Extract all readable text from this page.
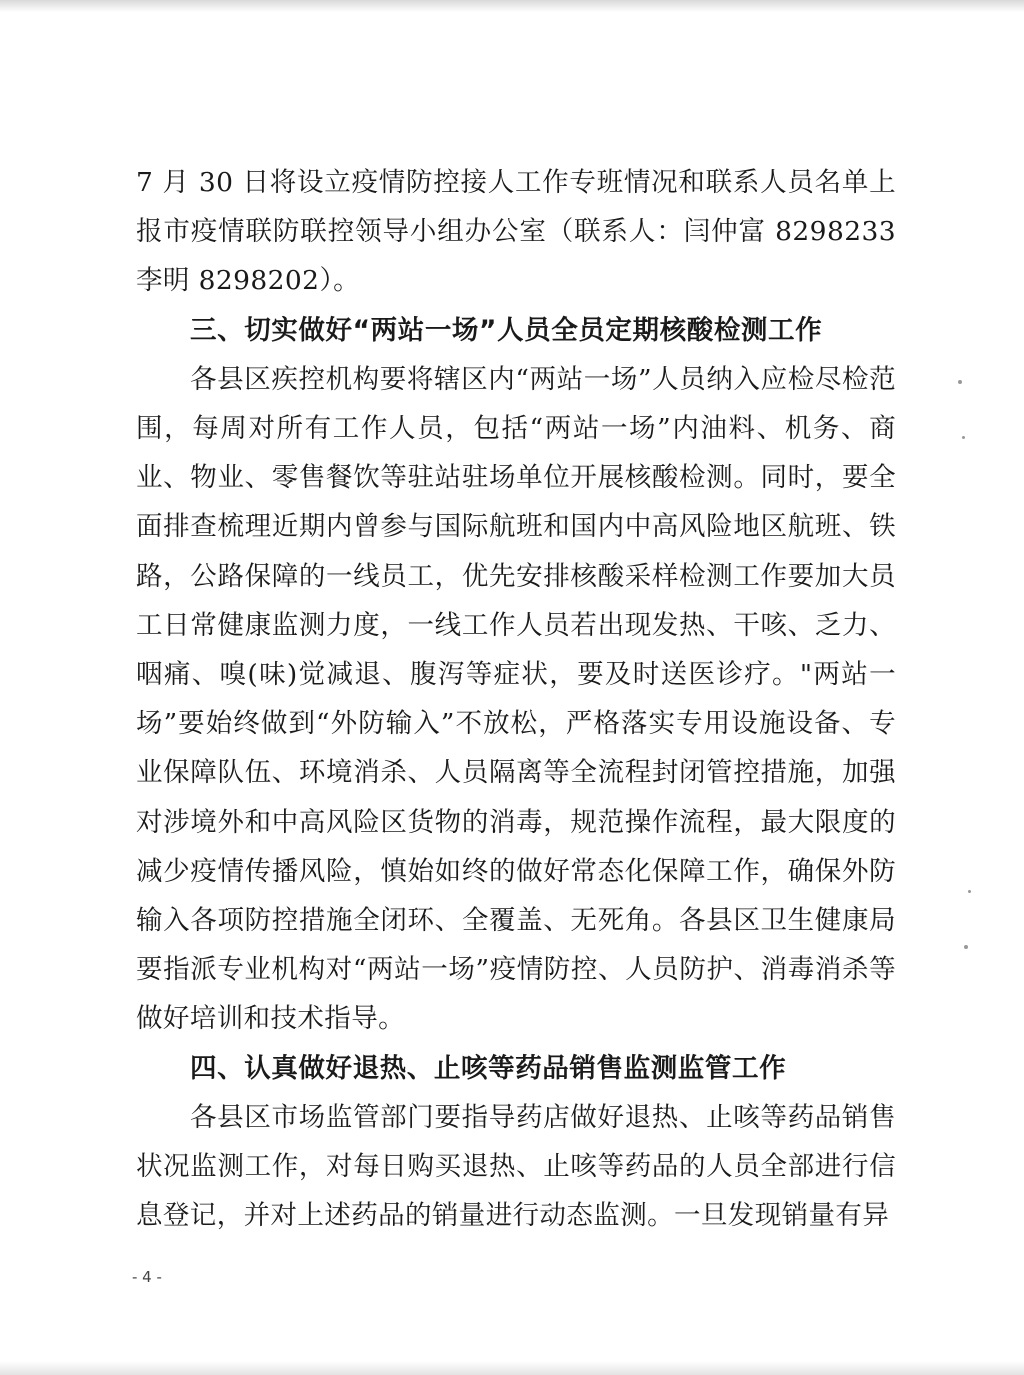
7 月 30 日将设立疫情防控接人工作专班情况和联系人员名单上报市疫情联防联控领导小组办公室（联系人：闫仲富 8298233 李明 8298202）。

三、切实做好“两站一场”人员全员定期核酸检测工作

各县区疾控机构要将辖区内“两站一场”人员纳入应检尽检范围，每周对所有工作人员，包括“两站一场”内油料、机务、商业、物业、零售餐饮等驻站驻场单位开展核酸检测。同时，要全面排查梳理近期内曾参与国际航班和国内中高风险地区航班、铁路，公路保障的一线员工，优先安排核酸采样检测工作要加大员工日常健康监测力度，一线工作人员若出现发热、干咳、乏力、咽痛、嗅(味)觉减退、腹泻等症状，要及时送医诊疗。"两站一场”要始终做到“外防输入”不放松，严格落实专用设施设备、专业保障队伍、环境消杀、人员隔离等全流程封闭管控措施，加强对涉境外和中高风险区货物的消毒，规范操作流程，最大限度的减少疫情传播风险，慎始如终的做好常态化保障工作，确保外防输入各项防控措施全闭环、全覆盖、无死角。各县区卫生健康局要指派专业机构对“两站一场”疫情防控、人员防护、消毒消杀等做好培训和技术指导。

四、认真做好退热、止咳等药品销售监测监管工作

各县区市场监管部门要指导药店做好退热、止咳等药品销售状况监测工作，对每日购买退热、止咳等药品的人员全部进行信息登记，并对上述药品的销量进行动态监测。一旦发现销量有异

- 4 -
